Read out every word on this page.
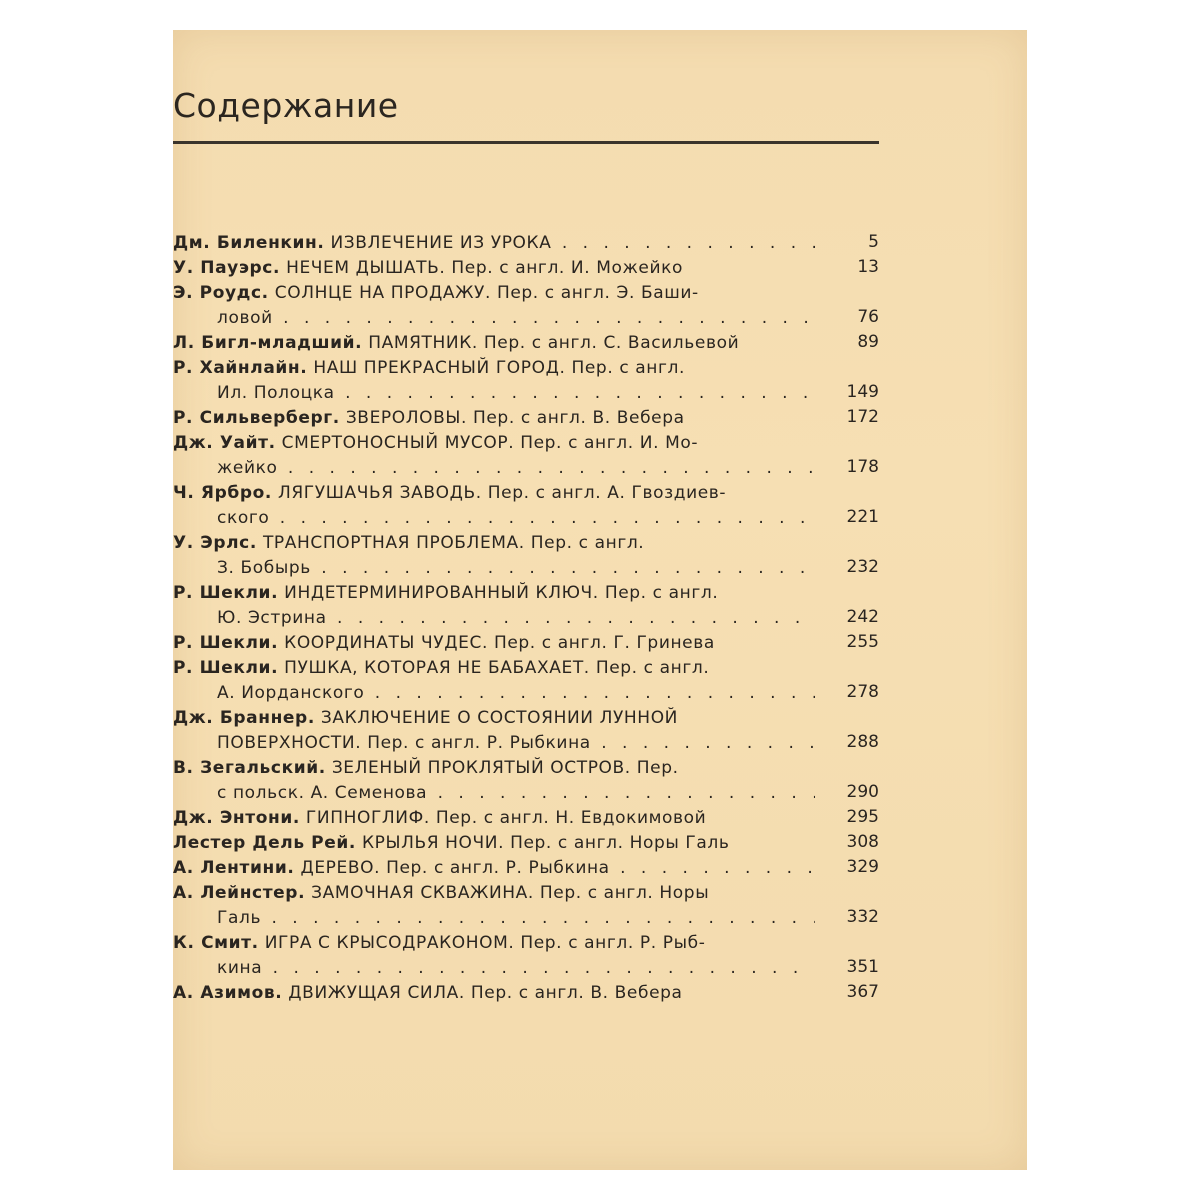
Содержание
Дм. Биленкин. ИЗВЛЕЧЕНИЕ ИЗ УРОКА . . .	5
У. Пауэрс. НЕЧЕМ ДЫШАТЬ. Пер. с англ. И. Можейко	13
Э. Роудс. СОЛНЦЕ НА ПРОДАЖУ. Пер. с англ. Э. Баши-
ловой . . .	76
Л. Бигл-младший. ПАМЯТНИК. Пер. с англ. С. Васильевой	89
Р. Хайнлайн. НАШ ПРЕКРАСНЫЙ ГОРОД. Пер. с англ.
Ил. Полоцка . . .	149
Р. Сильверберг. ЗВЕРОЛОВЫ. Пер. с англ. В. Вебера	172
Дж. Уайт. СМЕРТОНОСНЫЙ МУСОР. Пер. с англ. И. Мо-
жейко . . .	178
Ч. Ярбро. ЛЯГУШАЧЬЯ ЗАВОДЬ. Пер. с англ. А. Гвоздиев-
ского . . .	221
У. Эрлс. ТРАНСПОРТНАЯ ПРОБЛЕМА. Пер. с англ.
З. Бобырь . . .	232
Р. Шекли. ИНДЕТЕРМИНИРОВАННЫЙ КЛЮЧ. Пер. с англ.
Ю. Эстрина . . .	242
Р. Шекли. КООРДИНАТЫ ЧУДЕС. Пер. с англ. Г. Гринева	255
Р. Шекли. ПУШКА, КОТОРАЯ НЕ БАБАХАЕТ. Пер. с англ.
А. Иорданского . . .	278
Дж. Браннер. ЗАКЛЮЧЕНИЕ О СОСТОЯНИИ ЛУННОЙ
ПОВЕРХНОСТИ. Пер. с англ. Р. Рыбкина . . .	288
В. Зегальский. ЗЕЛЕНЫЙ ПРОКЛЯТЫЙ ОСТРОВ. Пер.
с польск. А. Семенова . . .	290
Дж. Энтони. ГИПНОГЛИФ. Пер. с англ. Н. Евдокимовой	295
Лестер Дель Рей. КРЫЛЬЯ НОЧИ. Пер. с англ. Норы Галь	308
А. Лентини. ДЕРЕВО. Пер. с англ. Р. Рыбкина . . .	329
А. Лейнстер. ЗАМОЧНАЯ СКВАЖИНА. Пер. с англ. Норы
Галь . . .	332
К. Смит. ИГРА С КРЫСОДРАКОНОМ. Пер. с англ. Р. Рыб-
кина . . .	351
А. Азимов. ДВИЖУЩАЯ СИЛА. Пер. с англ. В. Вебера	367
